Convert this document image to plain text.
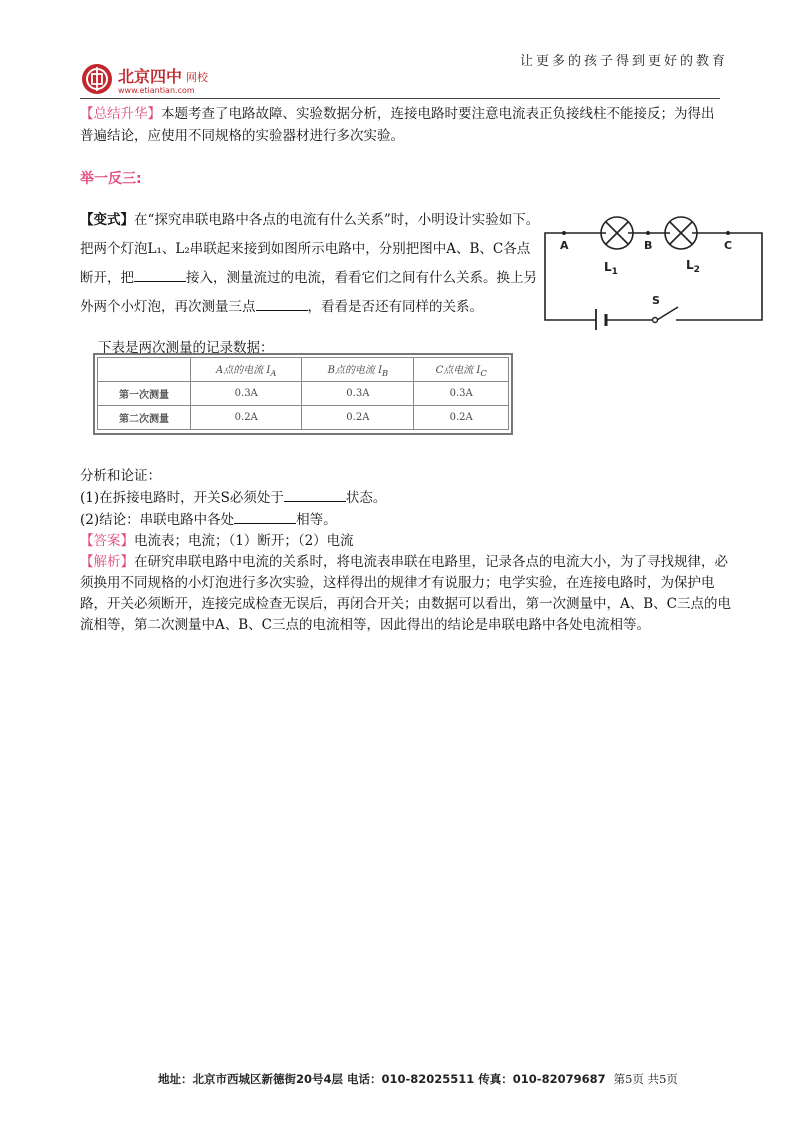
让更多的孩子得到更好的教育
北京四中 网校
www.etiantian.com
【总结升华】本题考查了电路故障、实验数据分析，连接电路时要注意电流表正负接线柱不能接反；为得出普遍结论，应使用不同规格的实验器材进行多次实验。
举一反三:
【变式】在“探究串联电路中各点的电流有什么关系”时，小明设计实验如下。把两个灯泡L₁、L₂串联起来接到如图所示电路中，分别把图中A、B、C各点断开，把	接入，测量流过的电流，看看它们之间有什么关系。换上另外两个小灯泡，再次测量三点	，看看是否还有同样的关系。
A	B	C
S
$L_1$	$L_2$
下表是两次测量的记录数据：
	A点的电流 $I_A$	B点的电流 $I_B$	C点电流 $I_C$
第一次测量	0.3A	0.3A	0.3A
第二次测量	0.2A	0.2A	0.2A
分析和论证：
(1)在拆接电路时，开关S必须处于	状态。
(2)结论：串联电路中各处	相等。
【答案】电流表；电流；（1）断开；（2）电流
【解析】在研究串联电路中电流的关系时，将电流表串联在电路里，记录各点的电流大小，为了寻找规律，必须换用不同规格的小灯泡进行多次实验，这样得出的规律才有说服力；电学实验，在连接电路时，为保护电路，开关必须断开，连接完成检查无误后，再闭合开关；由数据可以看出，第一次测量中，A、B、C三点的电流相等，第二次测量中A、B、C三点的电流相等，因此得出的结论是串联电路中各处电流相等。
地址：北京市西城区新德街20号4层 电话：010-82025511 传真：010-82079687 第5页 共5页
